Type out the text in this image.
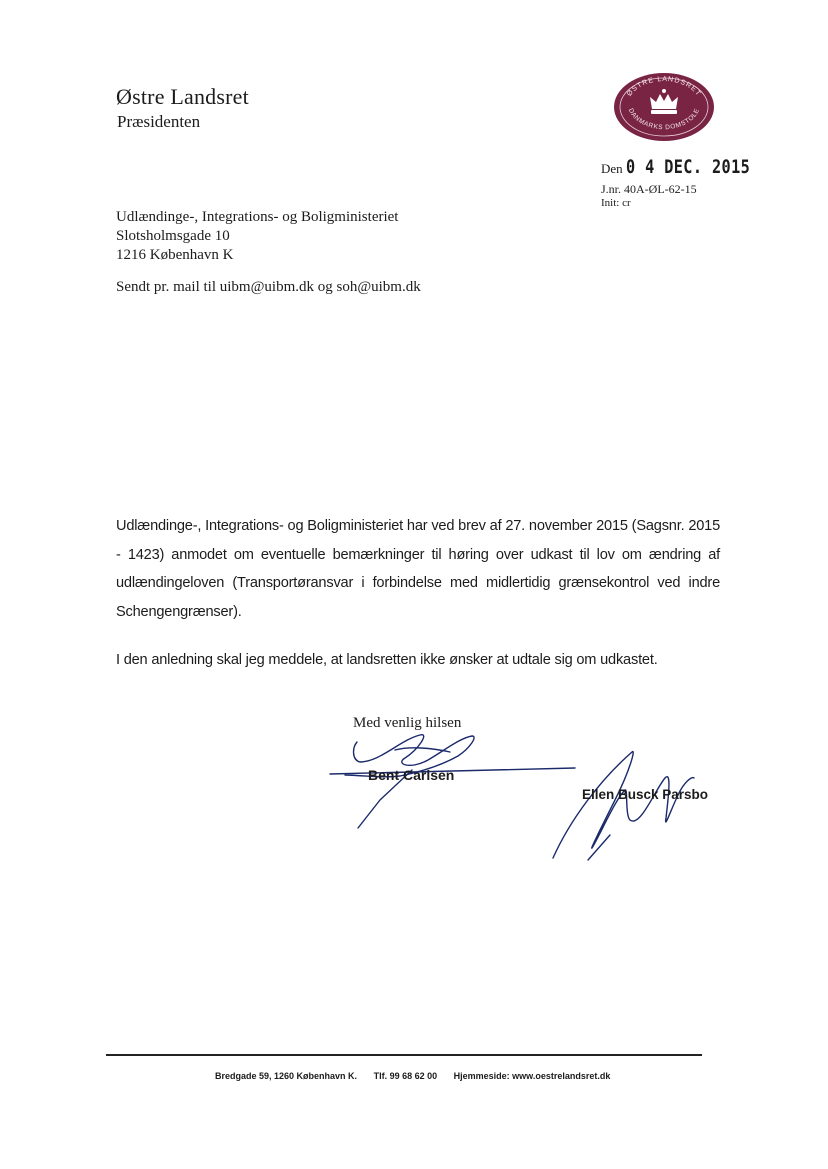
Østre Landsret
Præsidenten
ØSTRE LANDSRET
DANMARKS DOMSTOLE
Den 0 4 DEC. 2015
J.nr. 40A-ØL-62-15
Init: cr
Udlændinge-, Integrations- og Boligministeriet
Slotsholmsgade 10
1216 København K
Sendt pr. mail til uibm@uibm.dk og soh@uibm.dk
Udlændinge-, Integrations- og Boligministeriet har ved brev af 27. november 2015 (Sagsnr. 2015 - 1423) anmodet om eventuelle bemærkninger til høring over udkast til lov om ændring af udlændingeloven (Transportøransvar i forbindelse med midlertidig grænsekontrol ved indre Schengengrænser).
I den anledning skal jeg meddele, at landsretten ikke ønsker at udtale sig om udkastet.
Med venlig hilsen
Bent Carlsen
Ellen Busck Parsbo
Bredgade 59, 1260 København K. Tlf. 99 68 62 00 Hjemmeside: www.oestrelandsret.dk
